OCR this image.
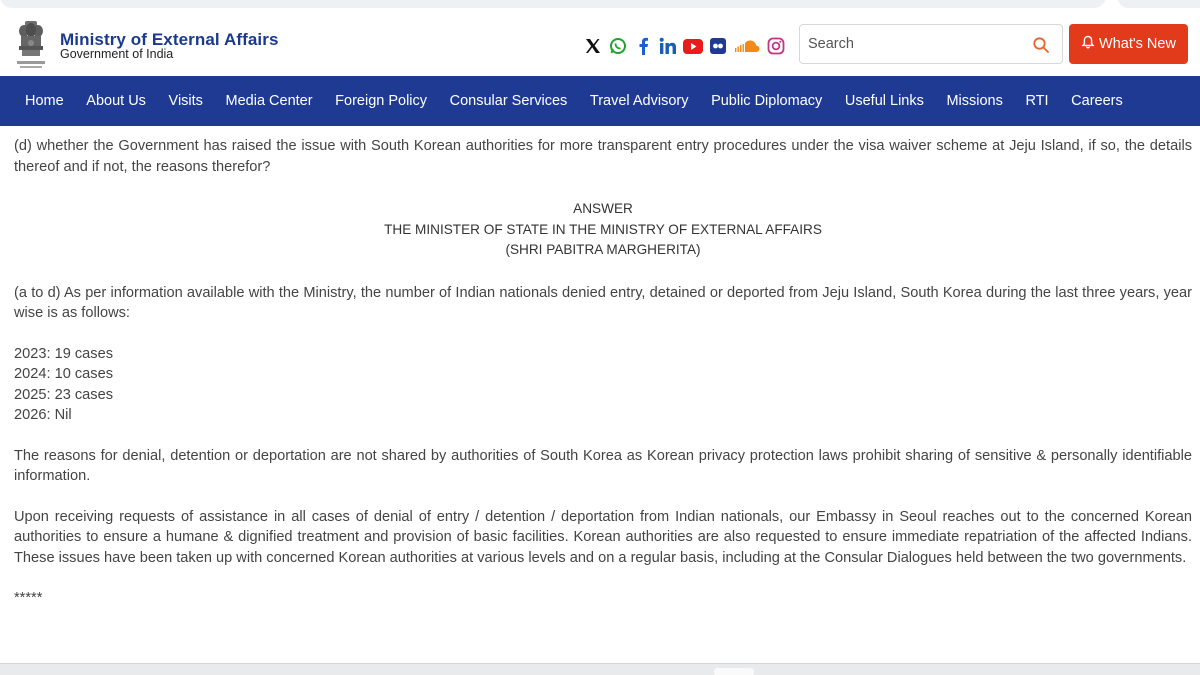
Ministry of External Affairs
Government of India
Search
What's New
Home	About Us	Visits	Media Center	Foreign Policy	Consular Services	Travel Advisory	Public Diplomacy	Useful Links	Missions	RTI	Careers

(d) whether the Government has raised the issue with South Korean authorities for more transparent entry procedures under the visa waiver scheme at Jeju Island, if so, the details thereof and if not, the reasons therefor?

ANSWER
THE MINISTER OF STATE IN THE MINISTRY OF EXTERNAL AFFAIRS
(SHRI PABITRA MARGHERITA)

(a to d) As per information available with the Ministry, the number of Indian nationals denied entry, detained or deported from Jeju Island, South Korea during the last three years, year wise is as follows:

2023: 19 cases
2024: 10 cases
2025: 23 cases
2026: Nil

The reasons for denial, detention or deportation are not shared by authorities of South Korea as Korean privacy protection laws prohibit sharing of sensitive & personally identifiable information.

Upon receiving requests of assistance in all cases of denial of entry / detention / deportation from Indian nationals, our Embassy in Seoul reaches out to the concerned Korean authorities to ensure a humane & dignified treatment and provision of basic facilities. Korean authorities are also requested to ensure immediate repatriation of the affected Indians. These issues have been taken up with concerned Korean authorities at various levels and on a regular basis, including at the Consular Dialogues held between the two governments.

*****
